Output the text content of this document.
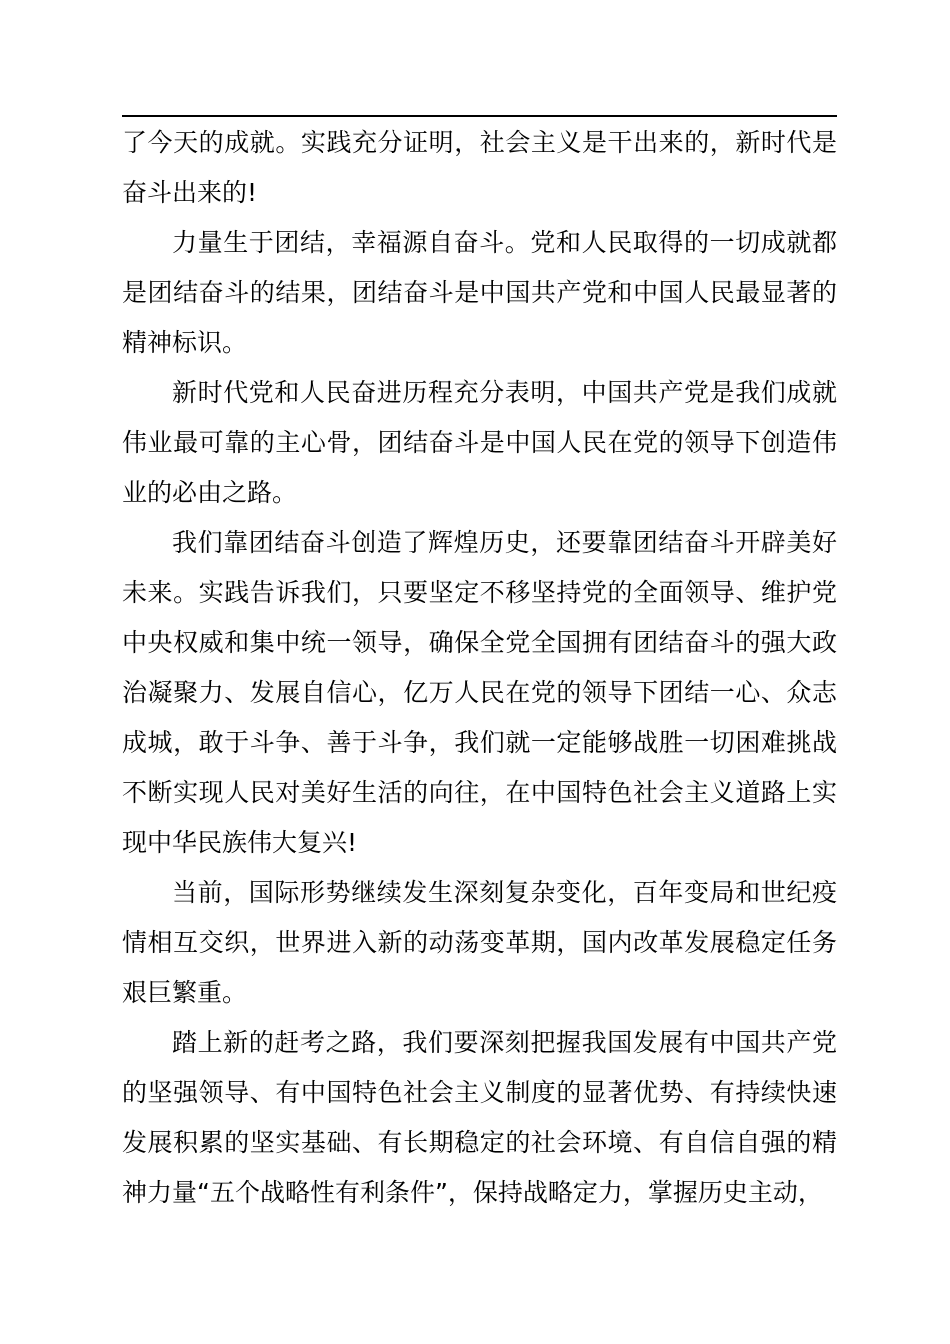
了今天的成就。实践充分证明，社会主义是干出来的，新时代是奋斗出来的!

力量生于团结，幸福源自奋斗。党和人民取得的一切成就都是团结奋斗的结果，团结奋斗是中国共产党和中国人民最显著的精神标识。

新时代党和人民奋进历程充分表明，中国共产党是我们成就伟业最可靠的主心骨，团结奋斗是中国人民在党的领导下创造伟业的必由之路。

我们靠团结奋斗创造了辉煌历史，还要靠团结奋斗开辟美好未来。实践告诉我们，只要坚定不移坚持党的全面领导、维护党中央权威和集中统一领导，确保全党全国拥有团结奋斗的强大政治凝聚力、发展自信心，亿万人民在党的领导下团结一心、众志成城，敢于斗争、善于斗争，我们就一定能够战胜一切困难挑战不断实现人民对美好生活的向往，在中国特色社会主义道路上实现中华民族伟大复兴!

当前，国际形势继续发生深刻复杂变化，百年变局和世纪疫情相互交织，世界进入新的动荡变革期，国内改革发展稳定任务艰巨繁重。

踏上新的赶考之路，我们要深刻把握我国发展有中国共产党的坚强领导、有中国特色社会主义制度的显著优势、有持续快速发展积累的坚实基础、有长期稳定的社会环境、有自信自强的精神力量“五个战略性有利条件”，保持战略定力，掌握历史主动，
